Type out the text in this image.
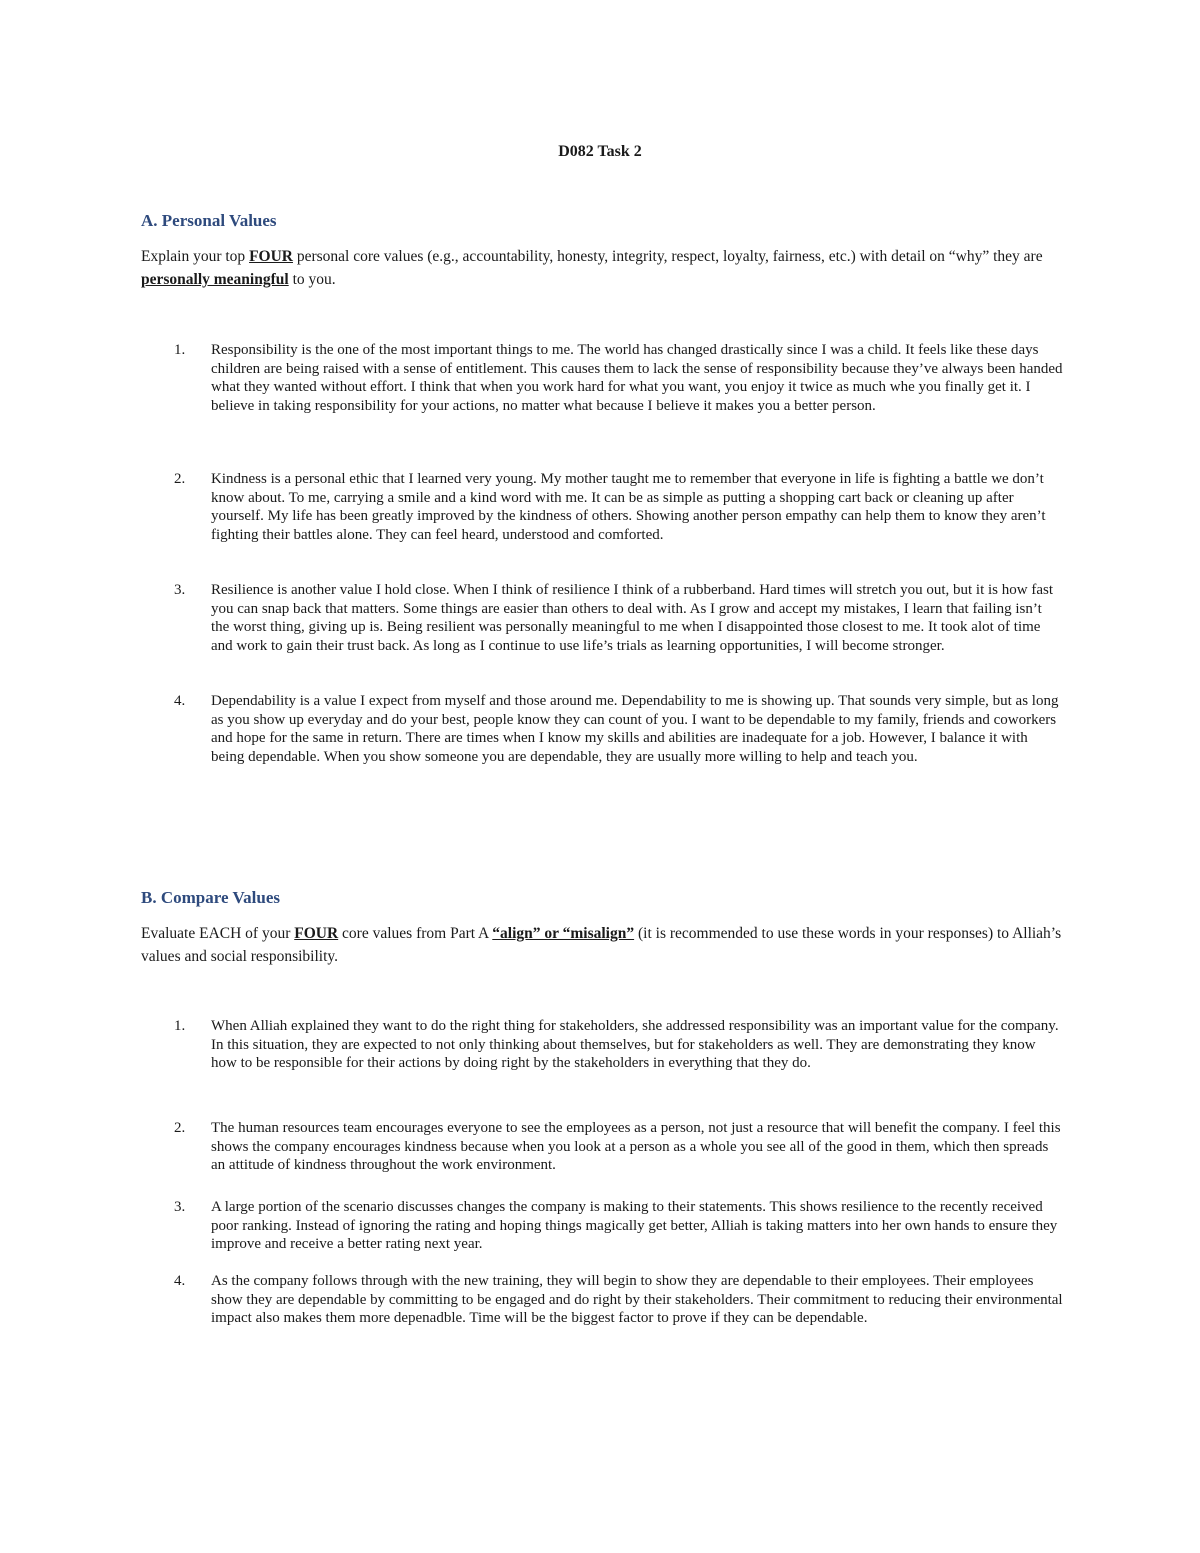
D082 Task 2
A. Personal Values

Explain your top FOUR personal core values (e.g., accountability, honesty, integrity, respect, loyalty, fairness, etc.) with detail on “why” they are personally meaningful to you.

1. Responsibility is the one of the most important things to me. The world has changed drastically since I was a child. It feels like these days children are being raised with a sense of entitlement. This causes them to lack the sense of responsibility because they’ve always been handed what they wanted without effort. I think that when you work hard for what you want, you enjoy it twice as much whe you finally get it. I believe in taking responsibility for your actions, no matter what because I believe it makes you a better person.

2. Kindness is a personal ethic that I learned very young. My mother taught me to remember that everyone in life is fighting a battle we don’t know about. To me, carrying a smile and a kind word with me. It can be as simple as putting a shopping cart back or cleaning up after yourself. My life has been greatly improved by the kindness of others. Showing another person empathy can help them to know they aren’t fighting their battles alone. They can feel heard, understood and comforted.

3. Resilience is another value I hold close. When I think of resilience I think of a rubberband. Hard times will stretch you out, but it is how fast you can snap back that matters. Some things are easier than others to deal with. As I grow and accept my mistakes, I learn that failing isn’t the worst thing, giving up is. Being resilient was personally meaningful to me when I disappointed those closest to me. It took alot of time and work to gain their trust back. As long as I continue to use life’s trials as learning opportunities, I will become stronger.

4. Dependability is a value I expect from myself and those around me. Dependability to me is showing up. That sounds very simple, but as long as you show up everyday and do your best, people know they can count of you. I want to be dependable to my family, friends and coworkers and hope for the same in return. There are times when I know my skills and abilities are inadequate for a job. However, I balance it with being dependable. When you show someone you are dependable, they are usually more willing to help and teach you.

B. Compare Values

Evaluate EACH of your FOUR core values from Part A “align” or “misalign” (it is recommended to use these words in your responses) to Alliah’s values and social responsibility.

1. When Alliah explained they want to do the right thing for stakeholders, she addressed responsibility was an important value for the company. In this situation, they are expected to not only thinking about themselves, but for stakeholders as well. They are demonstrating they know how to be responsible for their actions by doing right by the stakeholders in everything that they do.

2. The human resources team encourages everyone to see the employees as a person, not just a resource that will benefit the company. I feel this shows the company encourages kindness because when you look at a person as a whole you see all of the good in them, which then spreads an attitude of kindness throughout the work environment.

3. A large portion of the scenario discusses changes the company is making to their statements. This shows resilience to the recently received poor ranking. Instead of ignoring the rating and hoping things magically get better, Alliah is taking matters into her own hands to ensure they improve and receive a better rating next year.

4. As the company follows through with the new training, they will begin to show they are dependable to their employees. Their employees show they are dependable by committing to be engaged and do right by their stakeholders. Their commitment to reducing their environmental impact also makes them more depenadble. Time will be the biggest factor to prove if they can be dependable.
